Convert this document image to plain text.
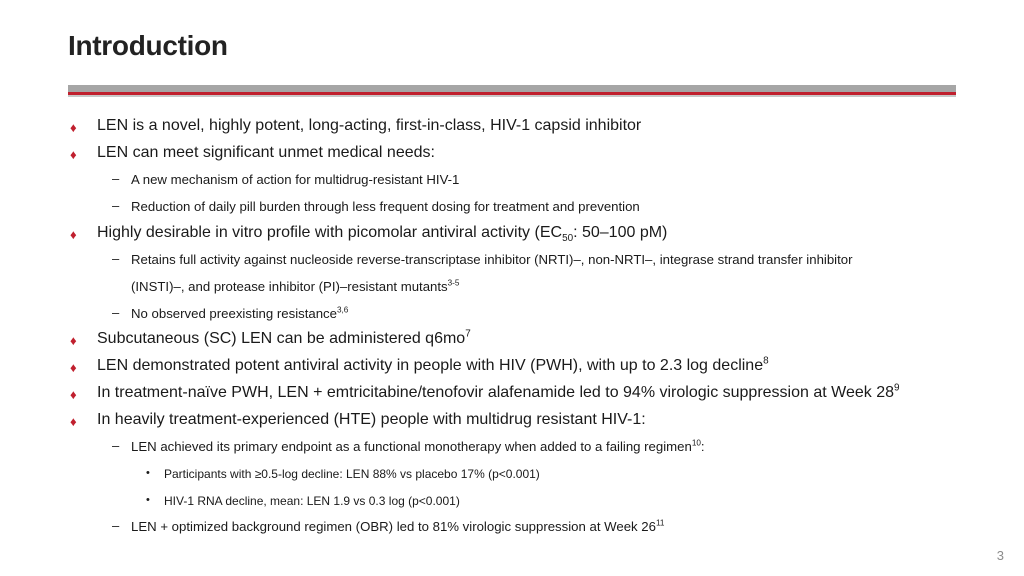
Introduction
♦ LEN is a novel, highly potent, long-acting, first-in-class, HIV-1 capsid inhibitor
♦ LEN can meet significant unmet medical needs:
– A new mechanism of action for multidrug-resistant HIV-1
– Reduction of daily pill burden through less frequent dosing for treatment and prevention
♦ Highly desirable in vitro profile with picomolar antiviral activity ($EC_{50}$: 50–100 pM)
– Retains full activity against nucleoside reverse-transcriptase inhibitor (NRTI)–, non-NRTI–, integrase strand transfer inhibitor
(INSTI)–, and protease inhibitor (PI)–resistant mutants$^{3-5}$
– No observed preexisting resistance$^{3,6}$
♦ Subcutaneous (SC) LEN can be administered $q6mo^7$
♦ LEN demonstrated potent antiviral activity in people with HIV (PWH), with up to 2.3 log decline$^8$
♦ In treatment-naïve PWH, LEN + emtricitabine/tenofovir alafenamide led to 94% virologic suppression at Week $28^9$
♦ In heavily treatment-experienced (HTE) people with multidrug resistant HIV-1:
– LEN achieved its primary endpoint as a functional monotherapy when added to a failing regimen$^{10}$:
• Participants with ≥0.5-log decline: LEN 88% vs placebo 17% (p<0.001)
• HIV-1 RNA decline, mean: LEN 1.9 vs 0.3 log (p<0.001)
– LEN + optimized background regimen (OBR) led to 81% virologic suppression at Week $26^{11}$
3
